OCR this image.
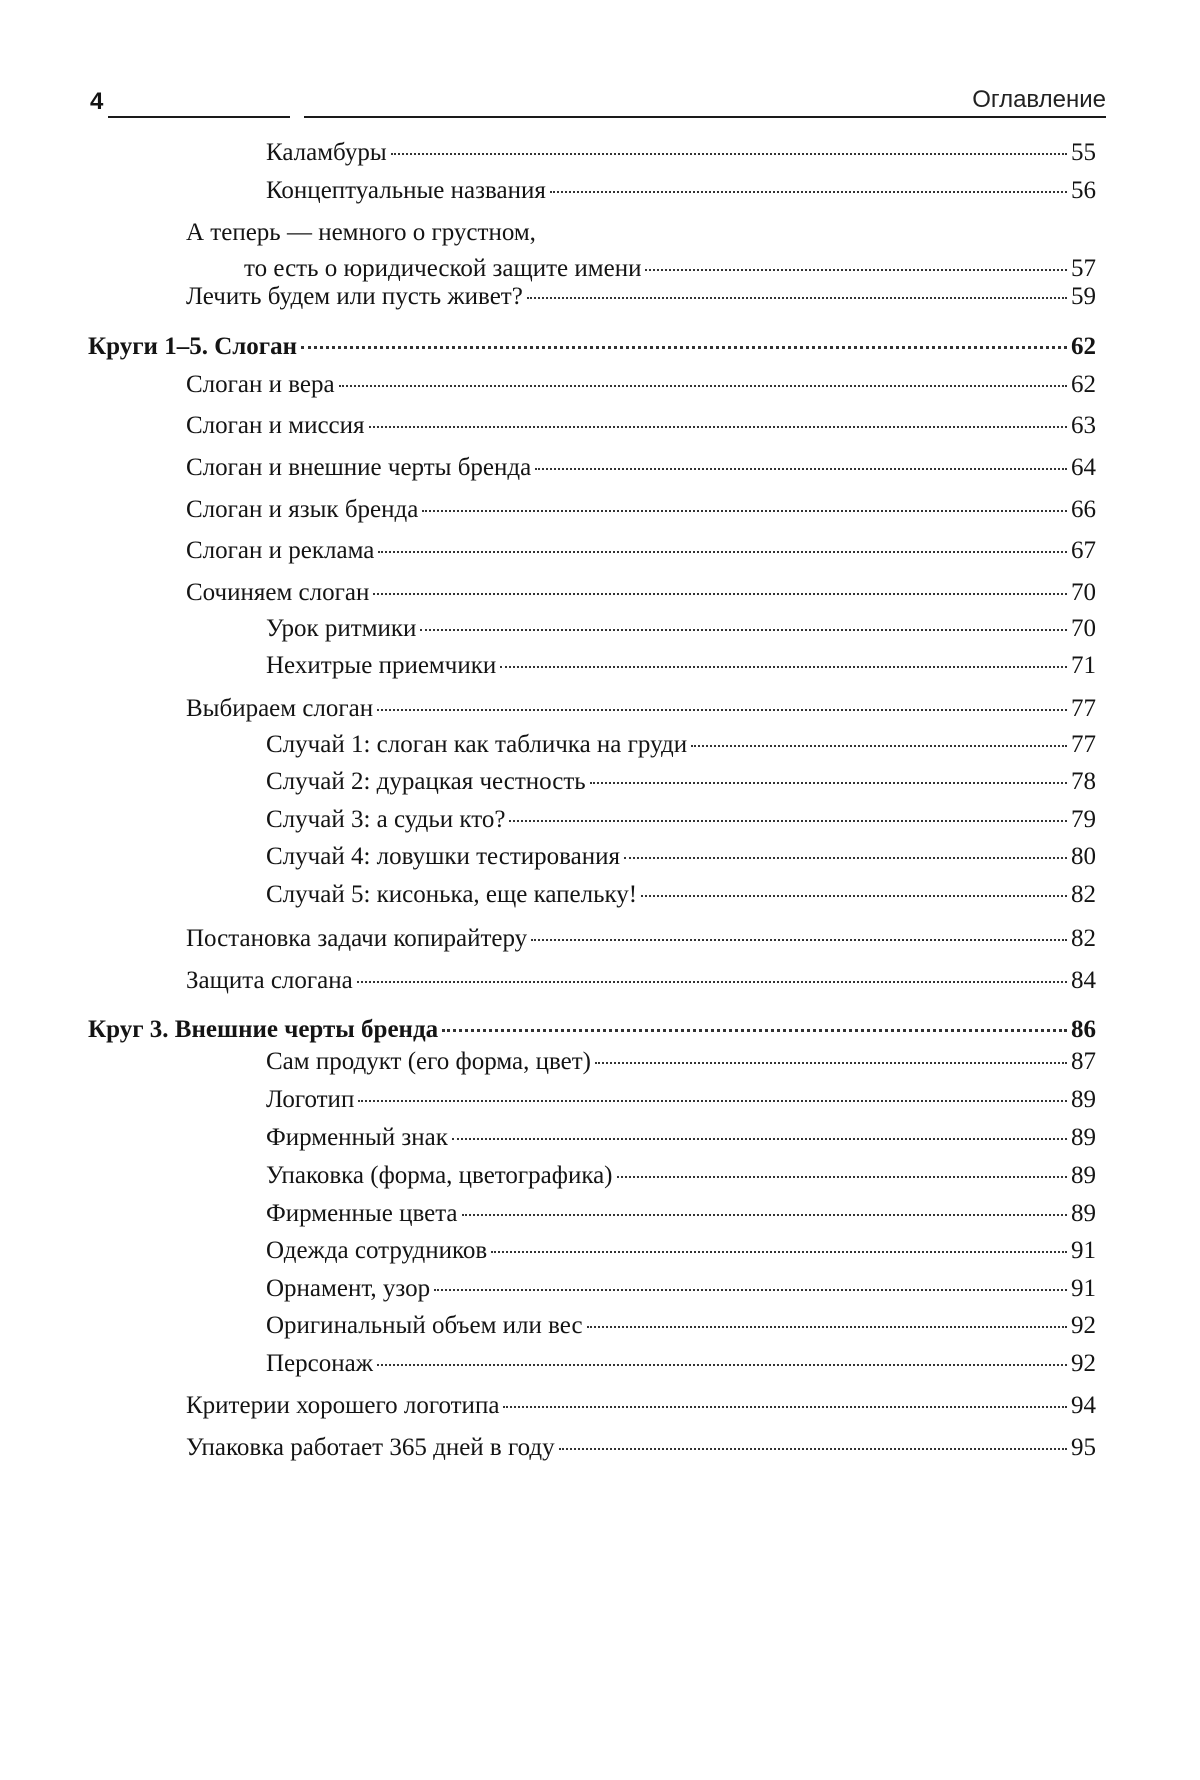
4	Оглавление
Каламбуры	55
Концептуальные названия	56
А теперь — немного о грустном,
то есть о юридической защите имени	57
Лечить будем или пусть живет?	59
Круги 1–5. Слоган	62
Слоган и вера	62
Слоган и миссия	63
Слоган и внешние черты бренда	64
Слоган и язык бренда	66
Слоган и реклама	67
Сочиняем слоган	70
Урок ритмики	70
Нехитрые приемчики	71
Выбираем слоган	77
Случай 1: слоган как табличка на груди	77
Случай 2: дурацкая честность	78
Случай 3: а судьи кто?	79
Случай 4: ловушки тестирования	80
Случай 5: кисонька, еще капельку!	82
Постановка задачи копирайтеру	82
Защита слогана	84
Круг 3. Внешние черты бренда	86
Сам продукт (его форма, цвет)	87
Логотип	89
Фирменный знак	89
Упаковка (форма, цветографика)	89
Фирменные цвета	89
Одежда сотрудников	91
Орнамент, узор	91
Оригинальный объем или вес	92
Персонаж	92
Критерии хорошего логотипа	94
Упаковка работает 365 дней в году	95
